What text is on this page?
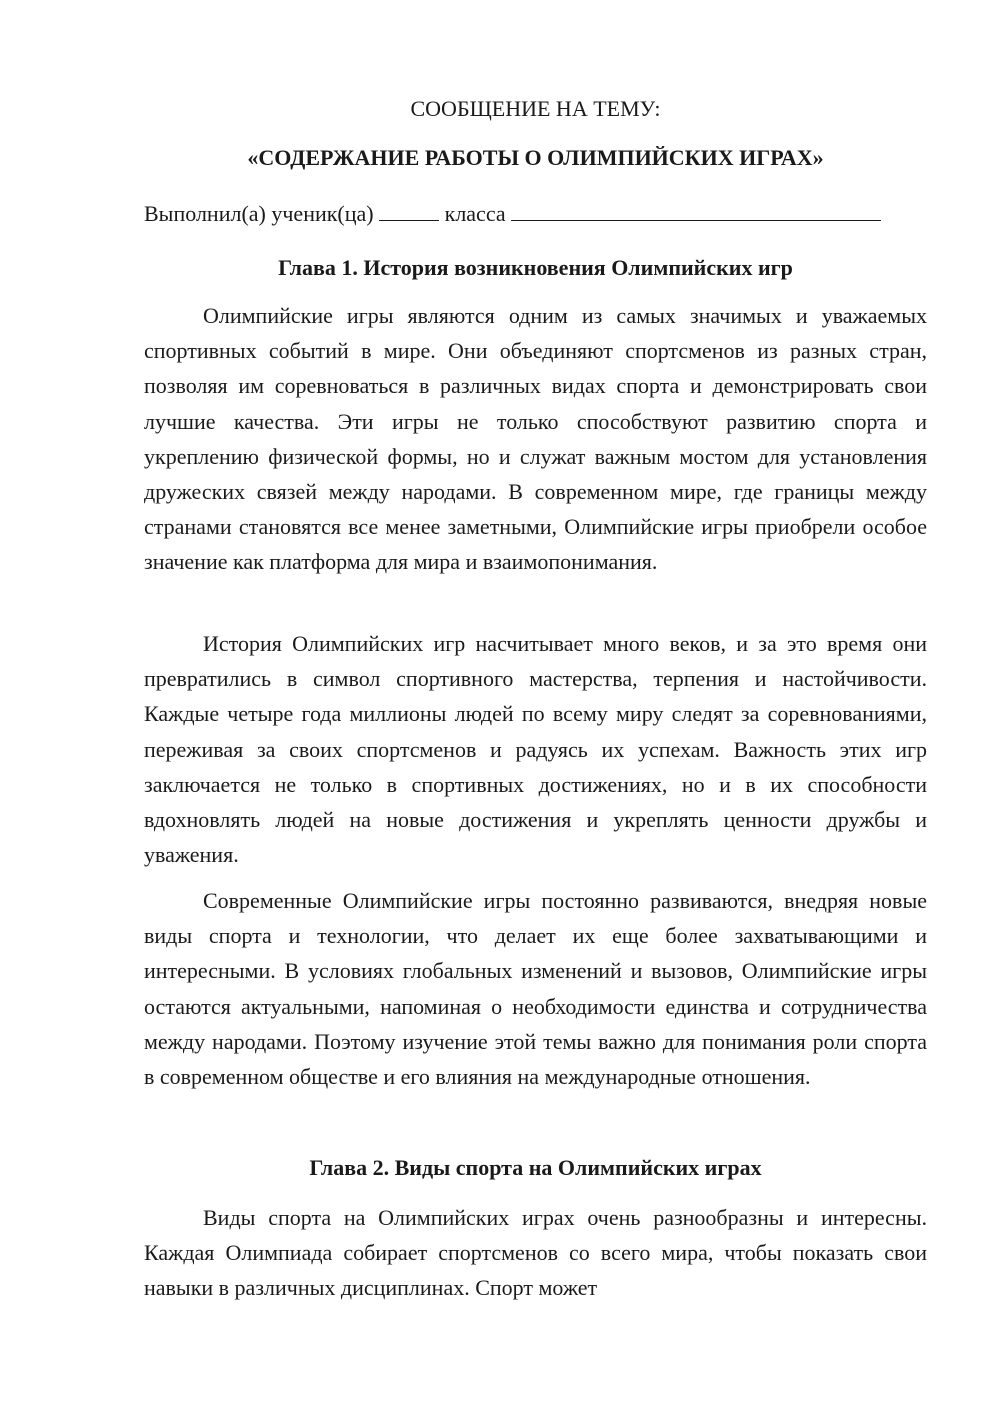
СООБЩЕНИЕ НА ТЕМУ:

«СОДЕРЖАНИЕ РАБОТЫ О ОЛИМПИЙСКИХ ИГРАХ»

Выполнил(а) ученик(ца)	класса
Глава 1. История возникновения Олимпийских игр

Олимпийские игры являются одним из самых значимых и уважаемых спортивных событий в мире. Они объединяют спортсменов из разных стран, позволяя им соревноваться в различных видах спорта и демонстрировать свои лучшие качества. Эти игры не только способствуют развитию спорта и укреплению физической формы, но и служат важным мостом для установления дружеских связей между народами. В современном мире, где границы между странами становятся все менее заметными, Олимпийские игры приобрели особое значение как платформа для мира и взаимопонимания.

История Олимпийских игр насчитывает много веков, и за это время они превратились в символ спортивного мастерства, терпения и настойчивости. Каждые четыре года миллионы людей по всему миру следят за соревнованиями, переживая за своих спортсменов и радуясь их успехам. Важность этих игр заключается не только в спортивных достижениях, но и в их способности вдохновлять людей на новые достижения и укреплять ценности дружбы и уважения.

Современные Олимпийские игры постоянно развиваются, внедряя новые виды спорта и технологии, что делает их еще более захватывающими и интересными. В условиях глобальных изменений и вызовов, Олимпийские игры остаются актуальными, напоминая о необходимости единства и сотрудничества между народами. Поэтому изучение этой темы важно для понимания роли спорта в современном обществе и его влияния на международные отношения.

Глава 2. Виды спорта на Олимпийских играх

Виды спорта на Олимпийских играх очень разнообразны и интересны. Каждая Олимпиада собирает спортсменов со всего мира, чтобы показать свои навыки в различных дисциплинах. Спорт может
